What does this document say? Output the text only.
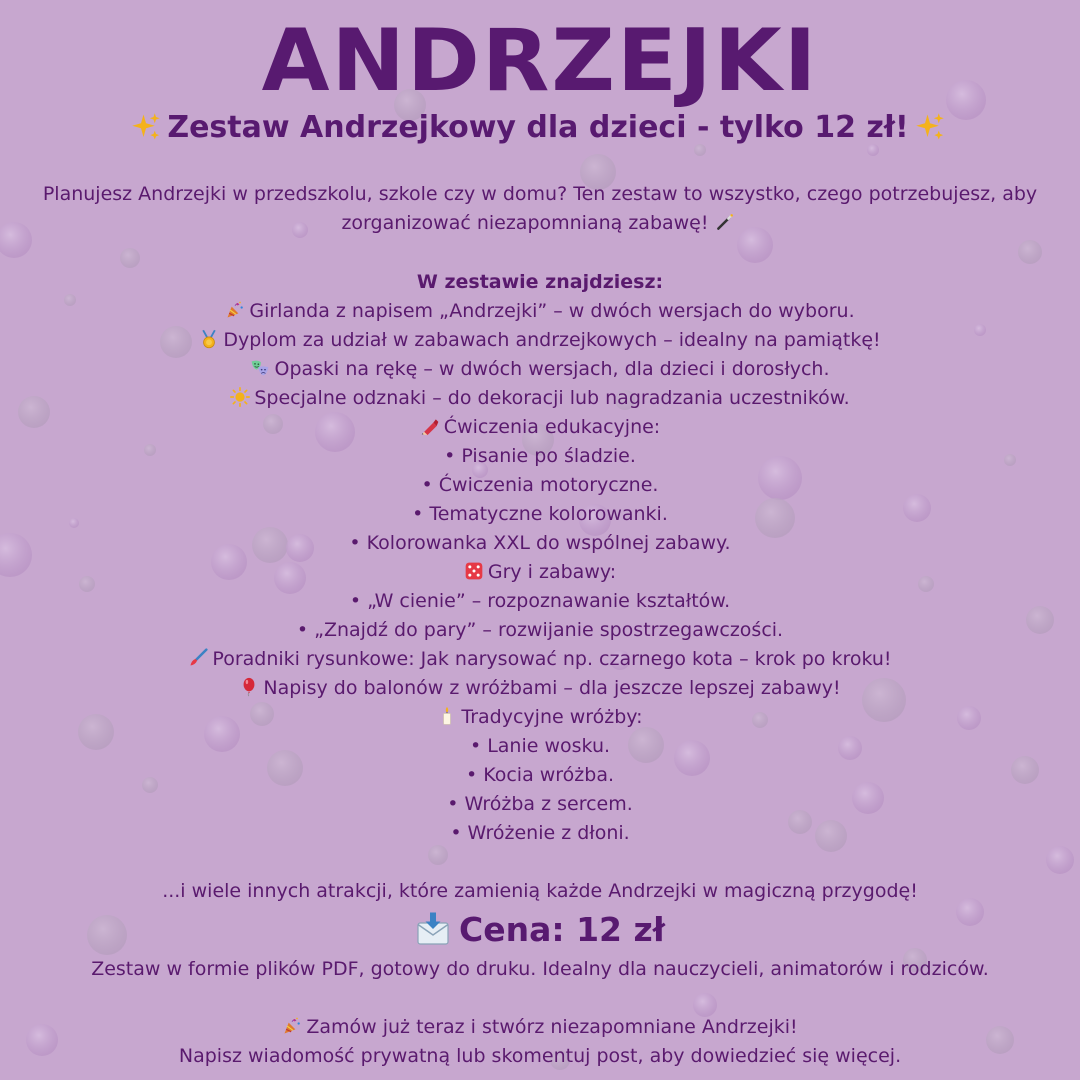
ANDRZEJKI
Zestaw Andrzejkowy dla dzieci - tylko 12 zł!
Planujesz Andrzejki w przedszkolu, szkole czy w domu? Ten zestaw to wszystko, czego potrzebujesz, aby
zorganizować niezapomnianą zabawę!
W zestawie znajdziesz:
Girlanda z napisem „Andrzejki” – w dwóch wersjach do wyboru.
Dyplom za udział w zabawach andrzejkowych – idealny na pamiątkę!
Opaski na rękę – w dwóch wersjach, dla dzieci i dorosłych.
Specjalne odznaki – do dekoracji lub nagradzania uczestników.
Ćwiczenia edukacyjne:
• Pisanie po śladzie.
• Ćwiczenia motoryczne.
• Tematyczne kolorowanki.
• Kolorowanka XXL do wspólnej zabawy.
Gry i zabawy:
• „W cienie” – rozpoznawanie kształtów.
• „Znajdź do pary” – rozwijanie spostrzegawczości.
Poradniki rysunkowe: Jak narysować np. czarnego kota – krok po kroku!
Napisy do balonów z wróżbami – dla jeszcze lepszej zabawy!
Tradycyjne wróżby:
• Lanie wosku.
• Kocia wróżba.
• Wróżba z sercem.
• Wróżenie z dłoni.
...i wiele innych atrakcji, które zamienią każde Andrzejki w magiczną przygodę!
Cena: 12 zł
Zestaw w formie plików PDF, gotowy do druku. Idealny dla nauczycieli, animatorów i rodziców.
Zamów już teraz i stwórz niezapomniane Andrzejki!
Napisz wiadomość prywatną lub skomentuj post, aby dowiedzieć się więcej.
